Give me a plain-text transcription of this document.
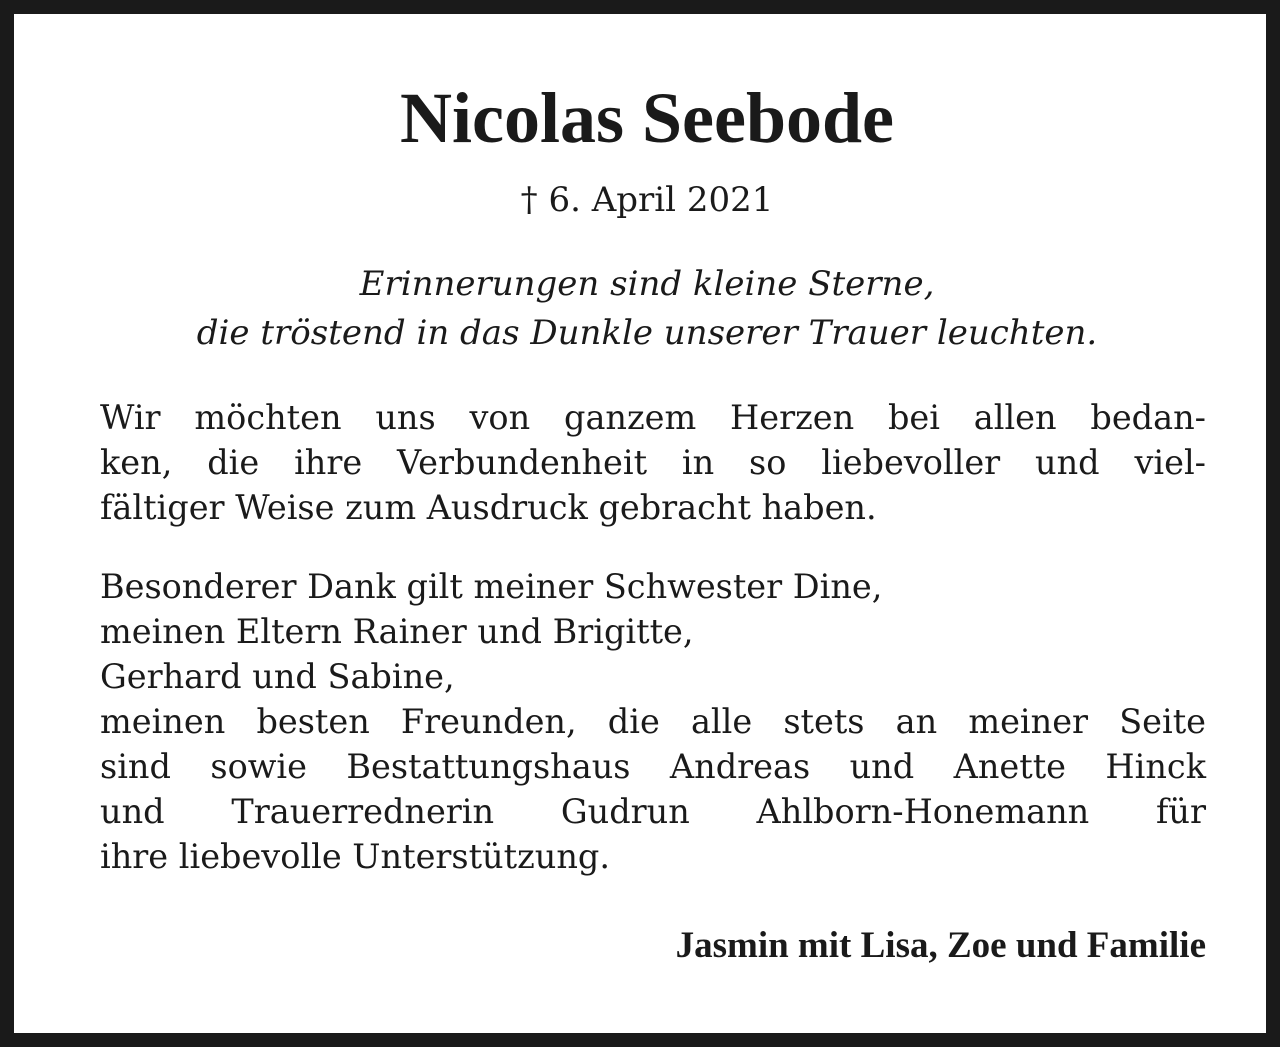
Nicolas Seebode
† 6. April 2021
Erinnerungen sind kleine Sterne,
die tröstend in das Dunkle unserer Trauer leuchten.
Wir möchten uns von ganzem Herzen bei allen bedan-
ken, die ihre Verbundenheit in so liebevoller und viel-
fältiger Weise zum Ausdruck gebracht haben.
Besonderer Dank gilt meiner Schwester Dine,
meinen Eltern Rainer und Brigitte,
Gerhard und Sabine,
meinen besten Freunden, die alle stets an meiner Seite
sind sowie Bestattungshaus Andreas und Anette Hinck
und Trauerrednerin Gudrun Ahlborn-Honemann für
ihre liebevolle Unterstützung.
Jasmin mit Lisa, Zoe und Familie
